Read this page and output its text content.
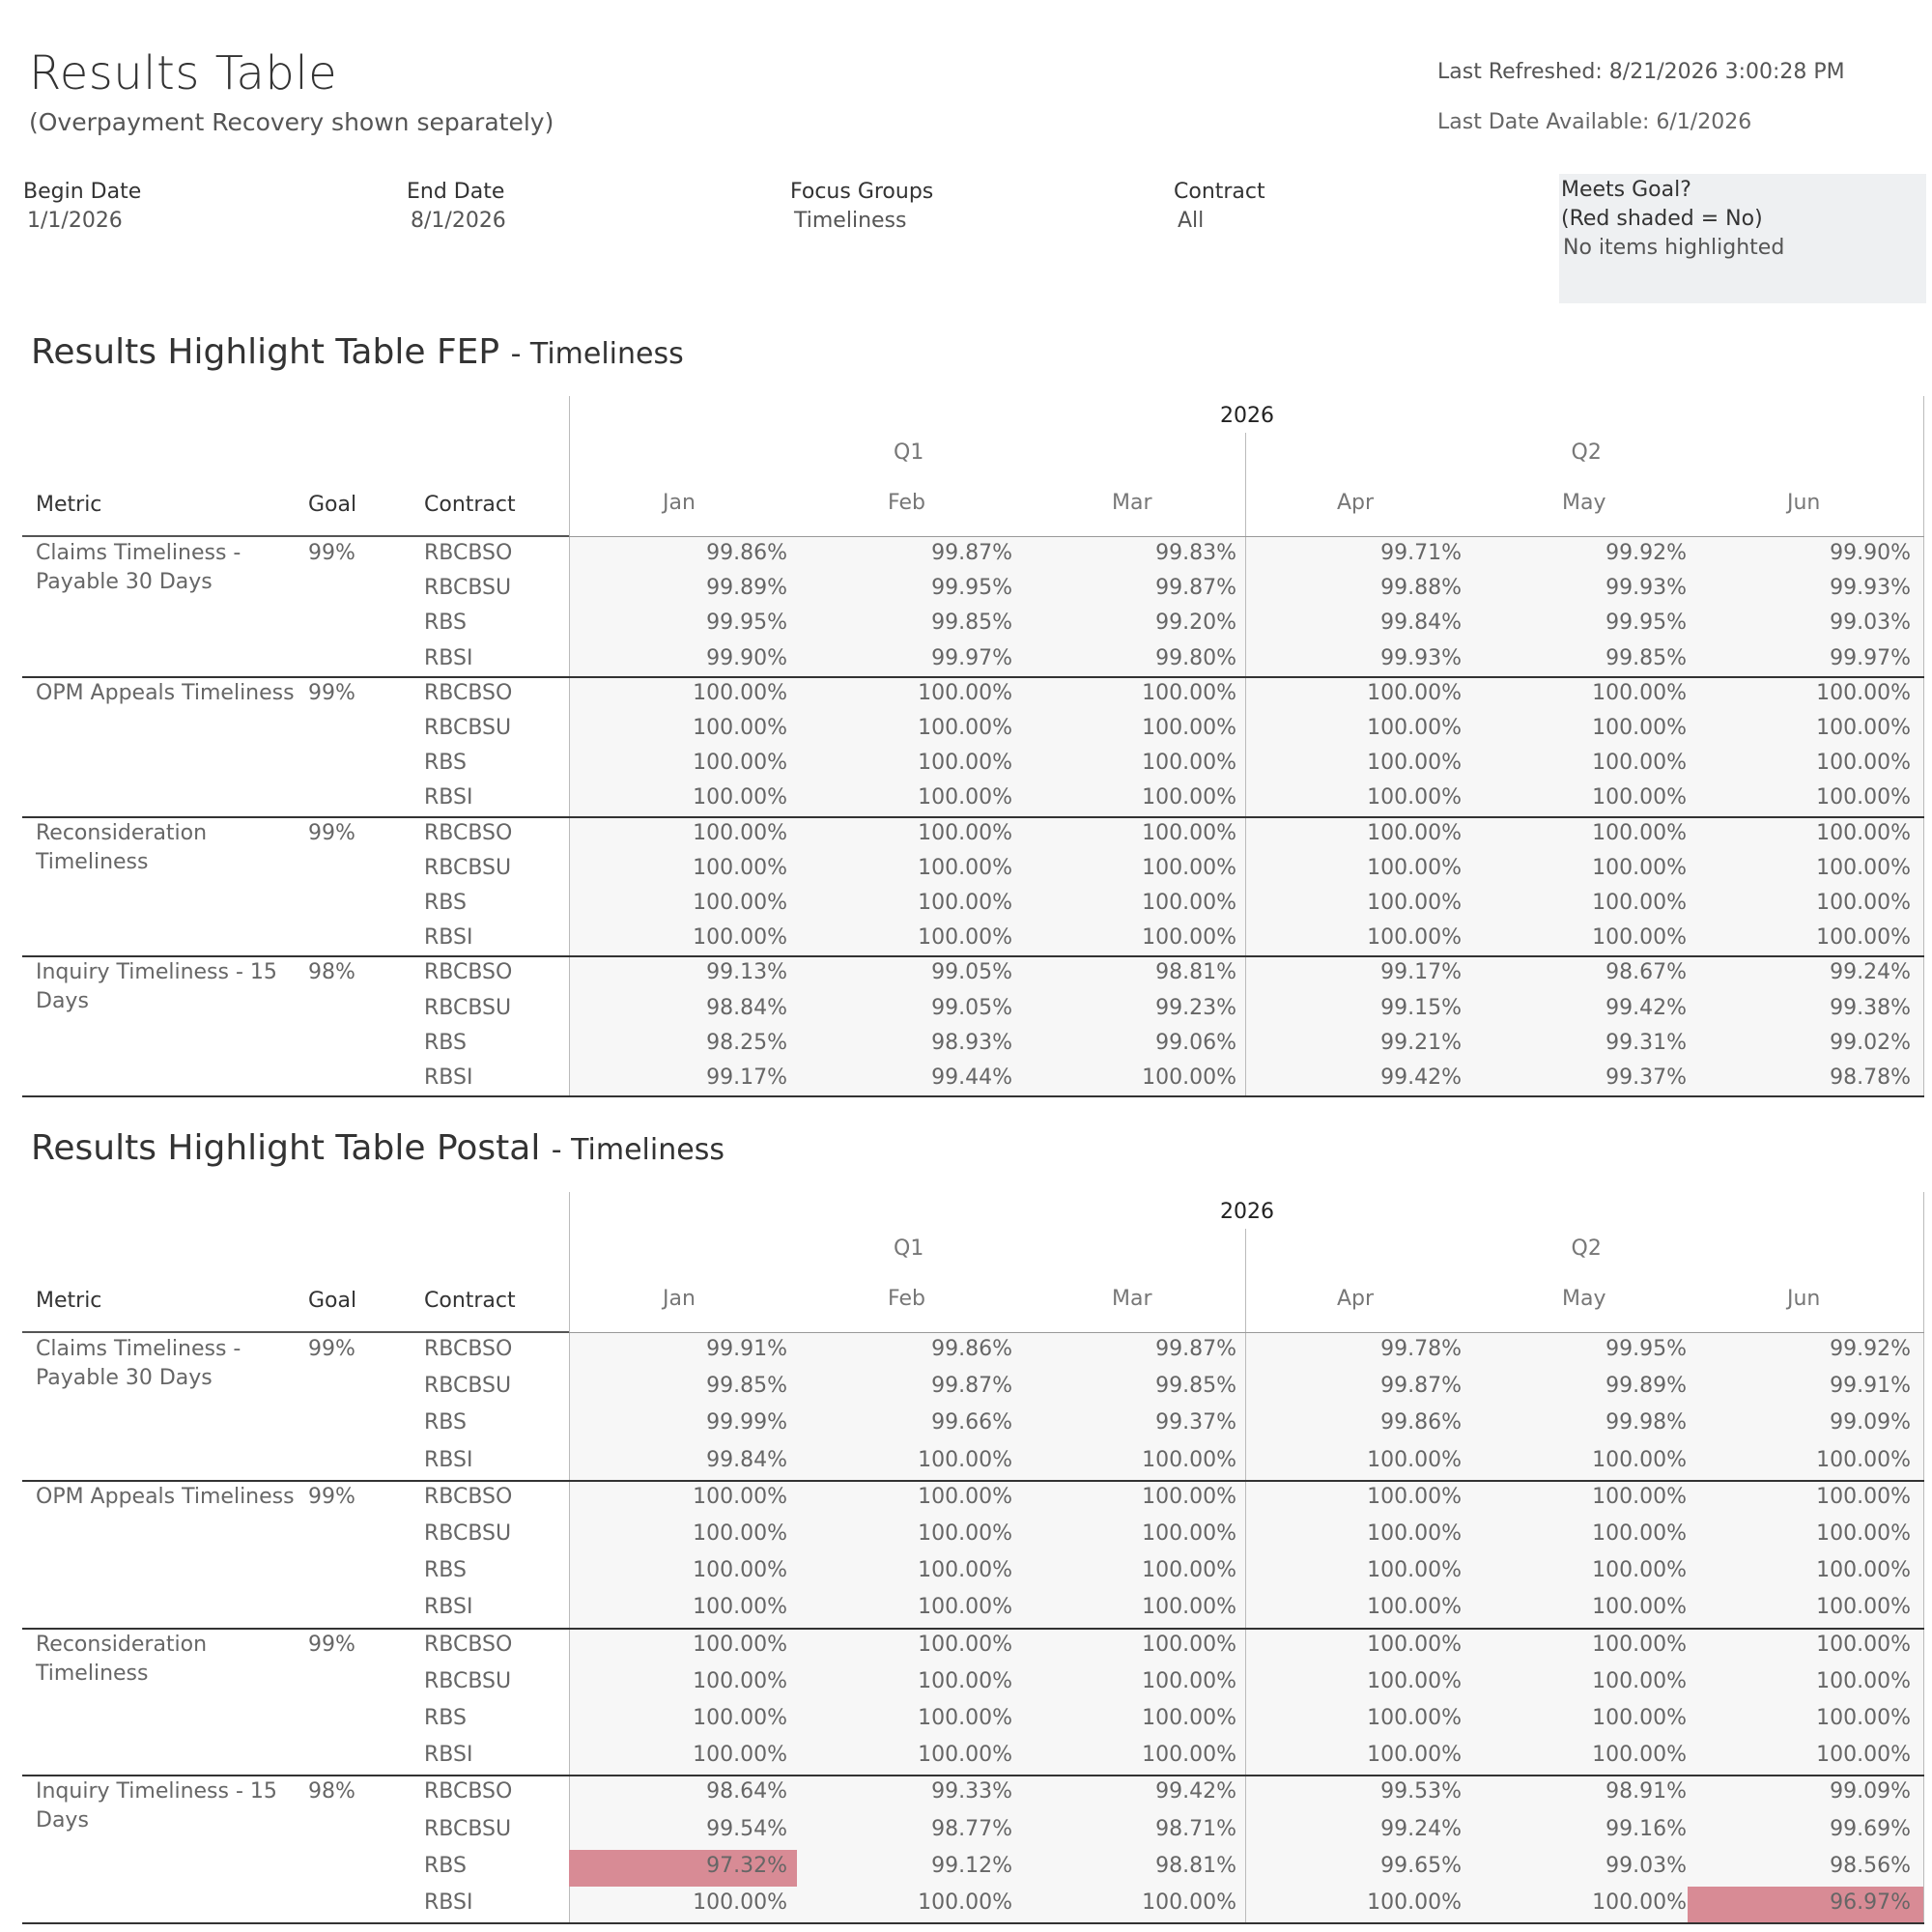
Results Table
(Overpayment Recovery shown separately)
Last Refreshed: 8/21/2026 3:00:28 PM
Last Date Available: 6/1/2026
Begin Date
1/1/2026
End Date
8/1/2026
Focus Groups
Timeliness
Contract
All
Meets Goal?
(Red shaded = No)
No items highlighted
Results Highlight Table FEP - Timeliness
2026
Q1	Q2
Jan	Feb	Mar	Apr	May	Jun
Metric	Goal	Contract
Claims Timeliness -
Payable 30 Days
99%	RBCBSO	99.86%	99.87%	99.83%	99.71%	99.92%	99.90%
RBCBSU	99.89%	99.95%	99.87%	99.88%	99.93%	99.93%
RBS	99.95%	99.85%	99.20%	99.84%	99.95%	99.03%
RBSI	99.90%	99.97%	99.80%	99.93%	99.85%	99.97%
OPM Appeals Timeliness 99%	RBCBSO	100.00%	100.00%	100.00%	100.00%	100.00%	100.00%
RBCBSU	100.00%	100.00%	100.00%	100.00%	100.00%	100.00%
RBS	100.00%	100.00%	100.00%	100.00%	100.00%	100.00%
RBSI	100.00%	100.00%	100.00%	100.00%	100.00%	100.00%
Reconsideration
Timeliness
99%	RBCBSO	100.00%	100.00%	100.00%	100.00%	100.00%	100.00%
RBCBSU	100.00%	100.00%	100.00%	100.00%	100.00%	100.00%
RBS	100.00%	100.00%	100.00%	100.00%	100.00%	100.00%
RBSI	100.00%	100.00%	100.00%	100.00%	100.00%	100.00%
Inquiry Timeliness - 15
Days
98%	RBCBSO	99.13%	99.05%	98.81%	99.17%	98.67%	99.24%
RBCBSU	98.84%	99.05%	99.23%	99.15%	99.42%	99.38%
RBS	98.25%	98.93%	99.06%	99.21%	99.31%	99.02%
RBSI	99.17%	99.44%	100.00%	99.42%	99.37%	98.78%
Results Highlight Table Postal - Timeliness
2026
Q1	Q2
Jan	Feb	Mar	Apr	May	Jun
Metric	Goal	Contract
Claims Timeliness -
Payable 30 Days
99%	RBCBSO	99.91%	99.86%	99.87%	99.78%	99.95%	99.92%
RBCBSU	99.85%	99.87%	99.85%	99.87%	99.89%	99.91%
RBS	99.99%	99.66%	99.37%	99.86%	99.98%	99.09%
RBSI	99.84%	100.00%	100.00%	100.00%	100.00%	100.00%
OPM Appeals Timeliness 99%	RBCBSO	100.00%	100.00%	100.00%	100.00%	100.00%	100.00%
RBCBSU	100.00%	100.00%	100.00%	100.00%	100.00%	100.00%
RBS	100.00%	100.00%	100.00%	100.00%	100.00%	100.00%
RBSI	100.00%	100.00%	100.00%	100.00%	100.00%	100.00%
Reconsideration
Timeliness
99%	RBCBSO	100.00%	100.00%	100.00%	100.00%	100.00%	100.00%
RBCBSU	100.00%	100.00%	100.00%	100.00%	100.00%	100.00%
RBS	100.00%	100.00%	100.00%	100.00%	100.00%	100.00%
RBSI	100.00%	100.00%	100.00%	100.00%	100.00%	100.00%
Inquiry Timeliness - 15
Days
98%	RBCBSO	98.64%	99.33%	99.42%	99.53%	98.91%	99.09%
RBCBSU	99.54%	98.77%	98.71%	99.24%	99.16%	99.69%
RBS	97.32%	99.12%	98.81%	99.65%	99.03%	98.56%
RBSI	100.00%	100.00%	100.00%	100.00%	100.00%	96.97%
